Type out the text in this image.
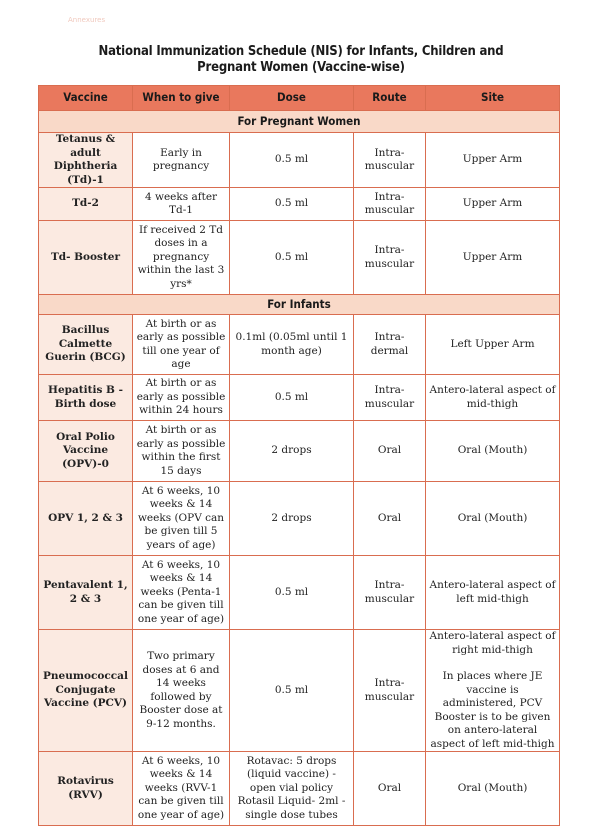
Annexures
National Immunization Schedule (NIS) for Infants, Children and
Pregnant Women (Vaccine-wise)
Vaccine	When to give	Dose	Route	Site
For Pregnant Women				
Tetanus & adult Diphtheria (Td)-1	Early in pregnancy	0.5 ml	Intra-muscular	Upper Arm
Td-2	4 weeks after Td-1	0.5 ml	Intra-muscular	Upper Arm
Td- Booster	If received 2 Td doses in a pregnancy within the last 3 yrs*	0.5 ml	Intra-muscular	Upper Arm
For Infants				
Bacillus Calmette Guerin (BCG)	At birth or as early as possible till one year of age	0.1ml (0.05ml until 1 month age)	Intra-dermal	Left Upper Arm
Hepatitis B - Birth dose	At birth or as early as possible within 24 hours	0.5 ml	Intra-muscular	Antero-lateral aspect of mid-thigh
Oral Polio Vaccine (OPV)-0	At birth or as early as possible within the first 15 days	2 drops	Oral	Oral (Mouth)
OPV 1, 2 & 3	At 6 weeks, 10 weeks & 14 weeks (OPV can be given till 5 years of age)	2 drops	Oral	Oral (Mouth)
Pentavalent 1, 2 & 3	At 6 weeks, 10 weeks & 14 weeks (Penta-1 can be given till one year of age)	0.5 ml	Intra-muscular	Antero-lateral aspect of left mid-thigh
Pneumococcal Conjugate Vaccine (PCV)	Two primary doses at 6 and 14 weeks followed by Booster dose at 9-12 months.	0.5 ml	Intra-muscular	Antero-lateral aspect of right mid-thigh
In places where JE vaccine is administered, PCV Booster is to be given on antero-lateral aspect of left mid-thigh

Rotavirus (RVV)	At 6 weeks, 10 weeks & 14 weeks (RVV-1 can be given till one year of age)	Rotavac: 5 drops (liquid vaccine) - open vial policy Rotasil Liquid- 2ml - single dose tubes	Oral	Oral (Mouth)
